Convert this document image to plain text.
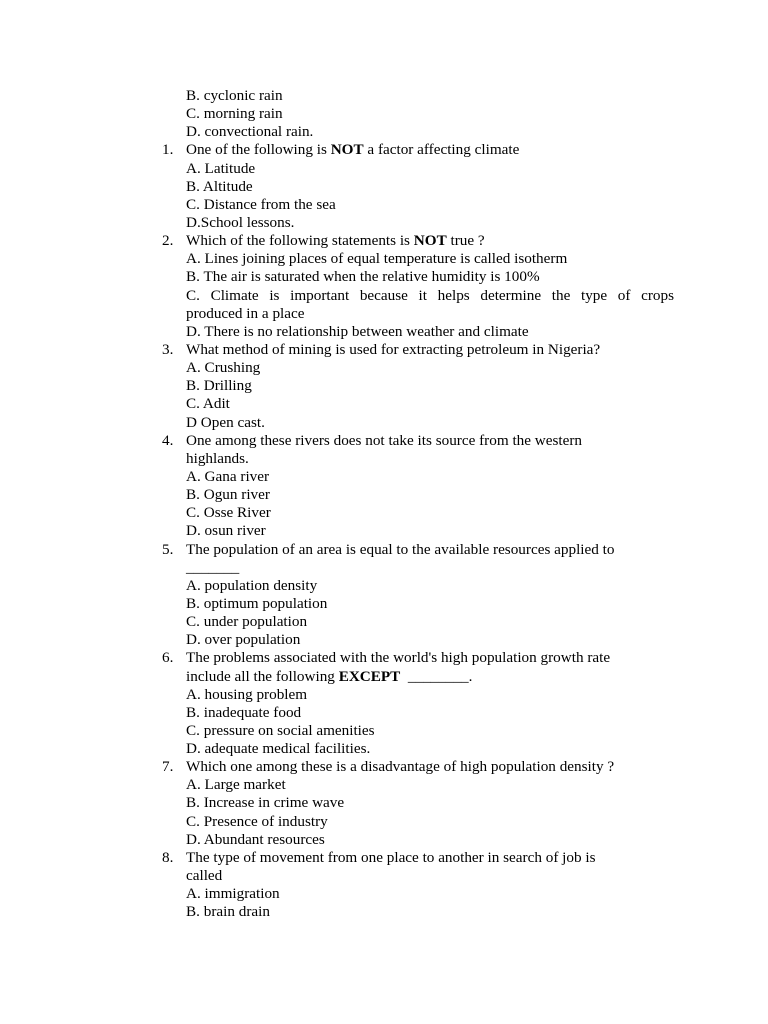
B. cyclonic rain
C. morning rain
D. convectional rain.
1. One of the following is NOT a factor affecting climate
A. Latitude
B. Altitude
C. Distance from the sea
D.School lessons.
2. Which of the following statements is NOT true ?
A. Lines joining places of equal temperature is called isotherm
B. The air is saturated when the relative humidity is 100%
C. Climate is important because it helps determine the type of crops
produced in a place
D. There is no relationship between weather and climate
3. What method of mining is used for extracting petroleum in Nigeria?
A. Crushing
B. Drilling
C. Adit
D Open cast.
4. One among these rivers does not take its source from the western
highlands.
A. Gana river
B. Ogun river
C. Osse River
D. osun river
5. The population of an area is equal to the available resources applied to
_______
A. population density
B. optimum population
C. under population
D. over population
6. The problems associated with the world's high population growth rate
include all the following EXCEPT  ________.
A. housing problem
B. inadequate food
C. pressure on social amenities
D. adequate medical facilities.
7. Which one among these is a disadvantage of high population density ?
A. Large market
B. Increase in crime wave
C. Presence of industry
D. Abundant resources
8. The type of movement from one place to another in search of job is
called
A. immigration
B. brain drain
